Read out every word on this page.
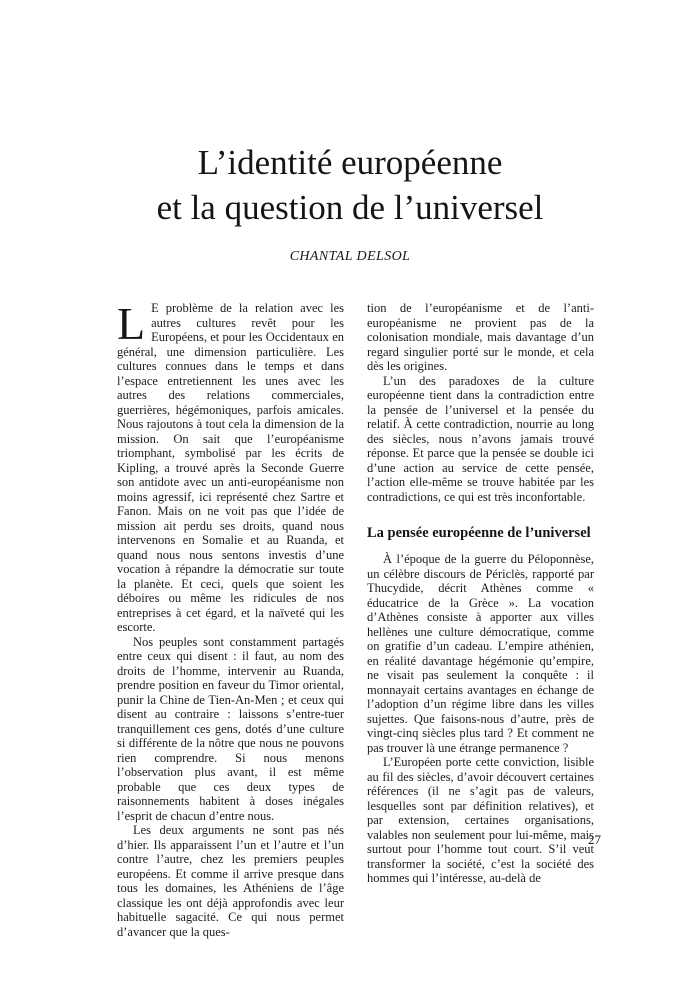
L’identité européenne
et la question de l’universel
CHANTAL DELSOL

L E problème de la relation avec les autres cultures revêt pour les Européens, et pour les Occidentaux en général, une dimension particulière. Les cultures connues dans le temps et dans l’espace entretiennent les unes avec les autres des relations commerciales, guerrières, hégémoniques, parfois amicales. Nous rajoutons à tout cela la dimension de la mission. On sait que l’européanisme triomphant, symbolisé par les écrits de Kipling, a trouvé après la Seconde Guerre son antidote avec un anti-européanisme non moins agressif, ici représenté chez Sartre et Fanon. Mais on ne voit pas que l’idée de mission ait perdu ses droits, quand nous intervenons en Somalie et au Ruanda, et quand nous nous sentons investis d’une vocation à répandre la démocratie sur toute la planète. Et ceci, quels que soient les déboires ou même les ridicules de nos entreprises à cet égard, et la naïveté qui les escorte.

Nos peuples sont constamment partagés entre ceux qui disent : il faut, au nom des droits de l’homme, intervenir au Ruanda, prendre position en faveur du Timor oriental, punir la Chine de Tien-An-Men ; et ceux qui disent au contraire : laissons s’entre-tuer tranquillement ces gens, dotés d’une culture si différente de la nôtre que nous ne pouvons rien comprendre. Si nous menons l’observation plus avant, il est même probable que ces deux types de raisonnements habitent à doses inégales l’esprit de chacun d’entre nous.

Les deux arguments ne sont pas nés d’hier. Ils apparaissent l’un et l’autre et l’un contre l’autre, chez les premiers peuples européens. Et comme il arrive presque dans tous les domaines, les Athéniens de l’âge classique les ont déjà approfondis avec leur habituelle sagacité. Ce qui nous permet d’avancer que la ques-

tion de l’européanisme et de l’anti-européanisme ne provient pas de la colonisation mondiale, mais davantage d’un regard singulier porté sur le monde, et cela dès les origines.

L’un des paradoxes de la culture européenne tient dans la contradiction entre la pensée de l’universel et la pensée du relatif. À cette contradiction, nourrie au long des siècles, nous n’avons jamais trouvé réponse. Et parce que la pensée se double ici d’une action au service de cette pensée, l’action elle-même se trouve habitée par les contradictions, ce qui est très inconfortable.

La pensée européenne de l’universel

À l’époque de la guerre du Péloponnèse, un célèbre discours de Périclès, rapporté par Thucydide, décrit Athènes comme « éducatrice de la Grèce ». La vocation d’Athènes consiste à apporter aux villes hellènes une culture démocratique, comme on gratifie d’un cadeau. L’empire athénien, en réalité davantage hégémonie qu’empire, ne visait pas seulement la conquête : il monnayait certains avantages en échange de l’adoption d’un régime libre dans les villes sujettes. Que faisons-nous d’autre, près de vingt-cinq siècles plus tard ? Et comment ne pas trouver là une étrange permanence ?

L’Européen porte cette conviction, lisible au fil des siècles, d’avoir découvert certaines références (il ne s’agit pas de valeurs, lesquelles sont par définition relatives), et par extension, certaines organisations, valables non seulement pour lui-même, mais surtout pour l’homme tout court. S’il veut transformer la société, c’est la société des hommes qui l’intéresse, au-delà de

27
